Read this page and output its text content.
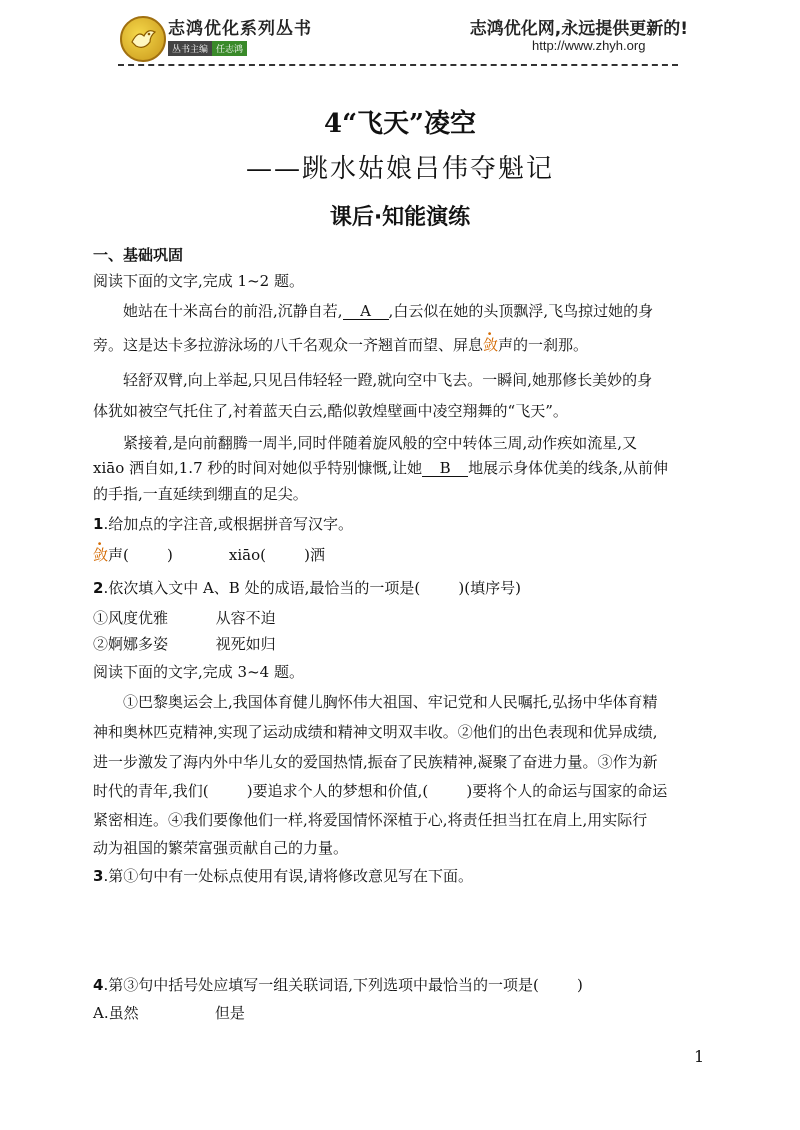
志鸿优化系列丛书
丛书主编 任志鸿
志鸿优化网,永远提供更新的!
http://www.zhyh.org
4“飞天”凌空
——跳水姑娘吕伟夺魁记
课后·知能演练
一、基础巩固
阅读下面的文字,完成 1~2 题。
她站在十米高台的前沿,沉静自若, A ,白云似在她的头顶飘浮,飞鸟掠过她的身
旁。这是达卡多拉游泳场的八千名观众一齐翘首而望、屏息敛声的一刹那。
轻舒双臂,向上举起,只见吕伟轻轻一蹬,就向空中飞去。一瞬间,她那修长美妙的身
体犹如被空气托住了,衬着蓝天白云,酷似敦煌壁画中凌空翔舞的“飞天”。
紧接着,是向前翻腾一周半,同时伴随着旋风般的空中转体三周,动作疾如流星,又
xiāo 洒自如,1.7 秒的时间对她似乎特别慷慨,让她 B 地展示身体优美的线条,从前伸
的手指,一直延续到绷直的足尖。
1.给加点的字注音,或根据拼音写汉字。
敛声(        )	xiāo(        )洒
2.依次填入文中 A、B 处的成语,最恰当的一项是(        )(填序号)
①风度优雅          从容不迫
②婀娜多姿          视死如归
阅读下面的文字,完成 3~4 题。
①巴黎奥运会上,我国体育健儿胸怀伟大祖国、牢记党和人民嘱托,弘扬中华体育精
神和奥林匹克精神,实现了运动成绩和精神文明双丰收。②他们的出色表现和优异成绩,
进一步激发了海内外中华儿女的爱国热情,振奋了民族精神,凝聚了奋进力量。③作为新
时代的青年,我们(        )要追求个人的梦想和价值,(        )要将个人的命运与国家的命运
紧密相连。④我们要像他们一样,将爱国情怀深植于心,将责任担当扛在肩上,用实际行
动为祖国的繁荣富强贡献自己的力量。
3.第①句中有一处标点使用有误,请将修改意见写在下面。
4.第③句中括号处应填写一组关联词语,下列选项中最恰当的一项是(        )
A.虽然                但是
1
